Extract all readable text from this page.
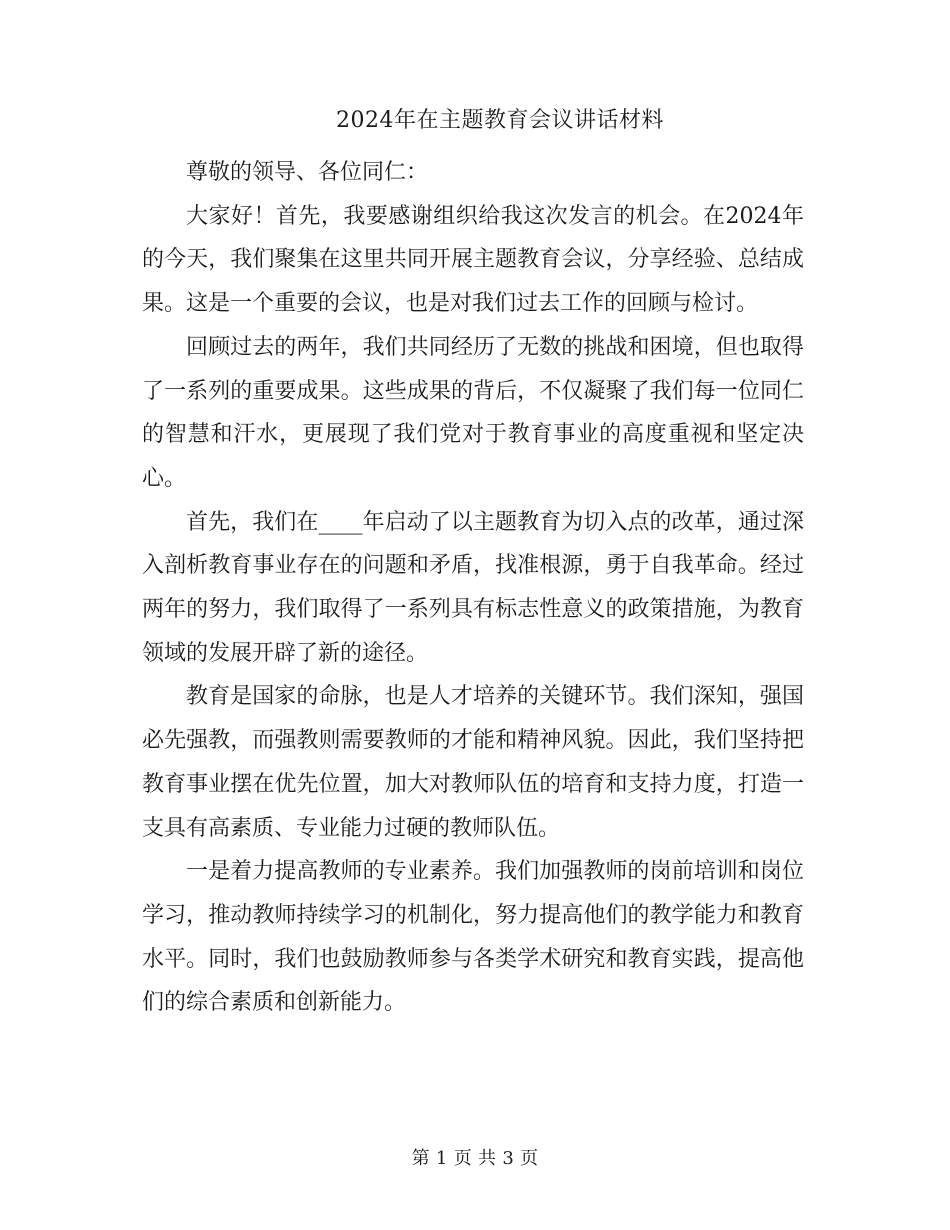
2024年在主题教育会议讲话材料

尊敬的领导、各位同仁：

大家好！首先，我要感谢组织给我这次发言的机会。在2024年的今天，我们聚集在这里共同开展主题教育会议，分享经验、总结成果。这是一个重要的会议，也是对我们过去工作的回顾与检讨。

回顾过去的两年，我们共同经历了无数的挑战和困境，但也取得了一系列的重要成果。这些成果的背后，不仅凝聚了我们每一位同仁的智慧和汗水，更展现了我们党对于教育事业的高度重视和坚定决心。

首先，我们在____年启动了以主题教育为切入点的改革，通过深入剖析教育事业存在的问题和矛盾，找准根源，勇于自我革命。经过两年的努力，我们取得了一系列具有标志性意义的政策措施，为教育领域的发展开辟了新的途径。

教育是国家的命脉，也是人才培养的关键环节。我们深知，强国必先强教，而强教则需要教师的才能和精神风貌。因此，我们坚持把教育事业摆在优先位置，加大对教师队伍的培育和支持力度，打造一支具有高素质、专业能力过硬的教师队伍。

一是着力提高教师的专业素养。我们加强教师的岗前培训和岗位学习，推动教师持续学习的机制化，努力提高他们的教学能力和教育水平。同时，我们也鼓励教师参与各类学术研究和教育实践，提高他们的综合素质和创新能力。

第 1 页 共 3 页
